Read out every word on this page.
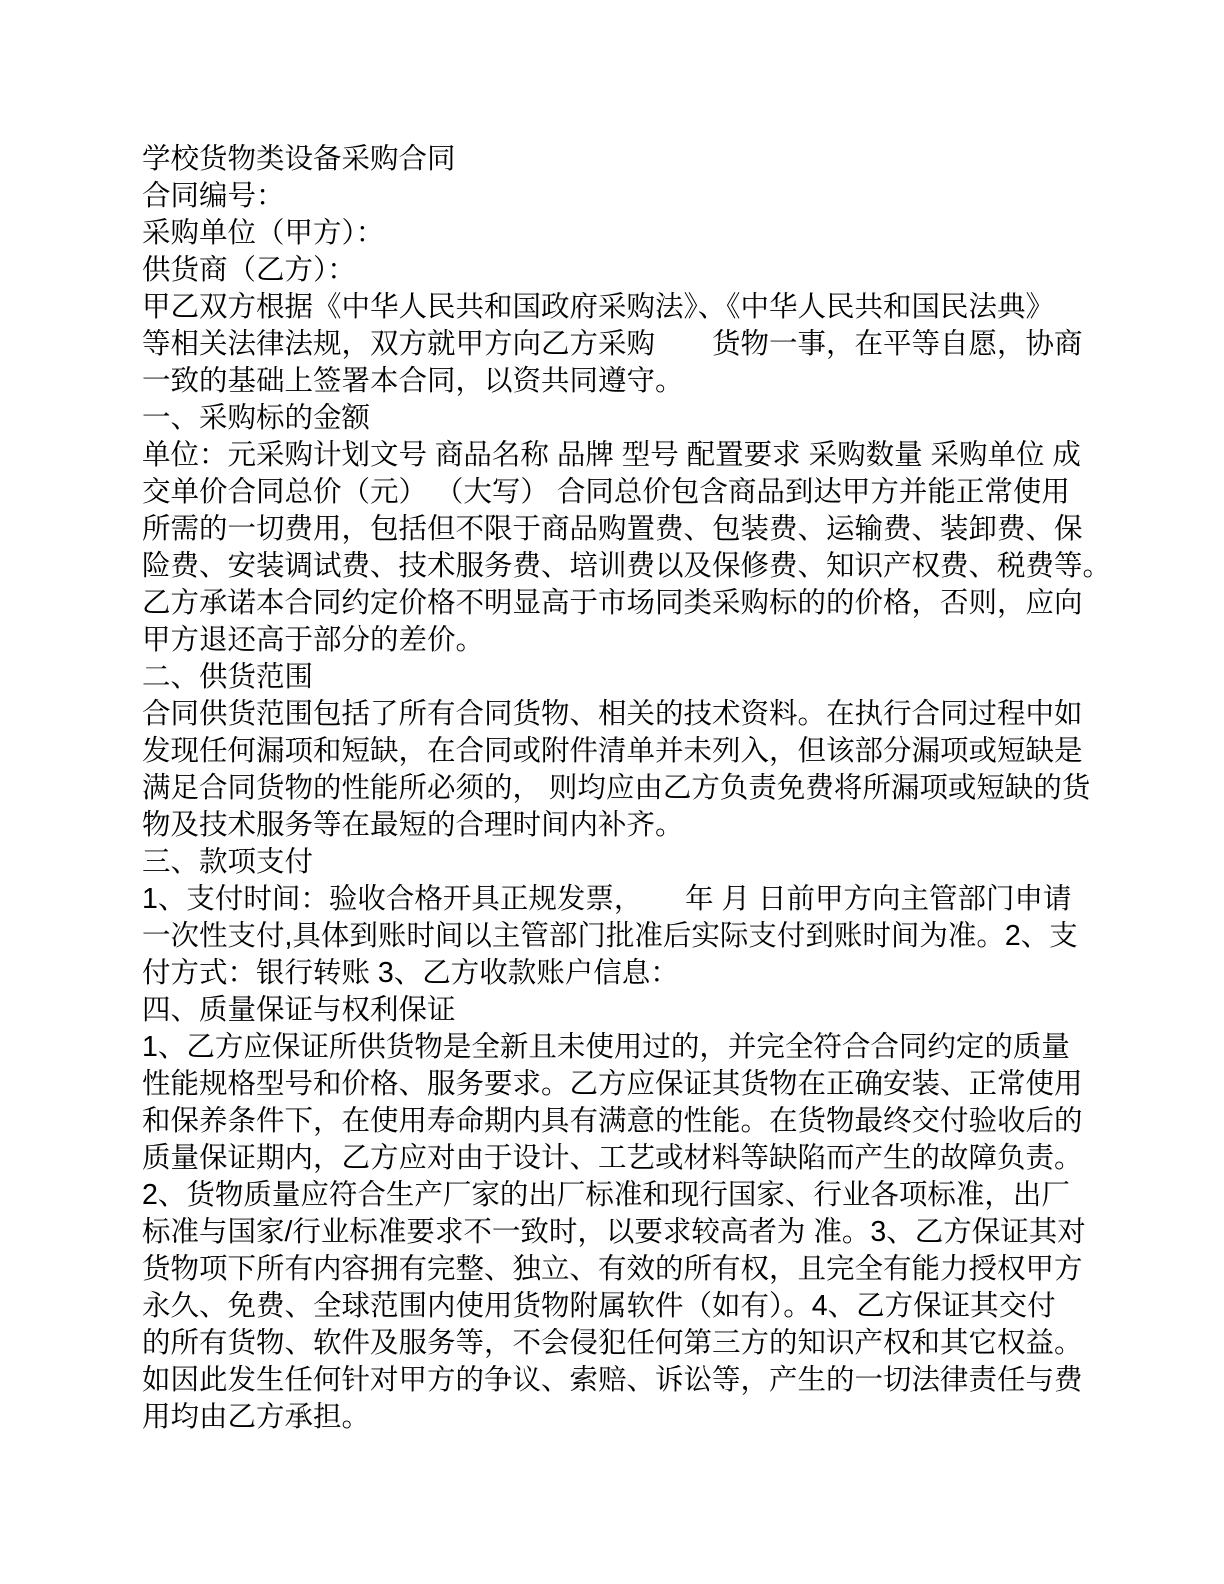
学校货物类设备采购合同
合同编号：
采购单位（甲方）：
供货商（乙方）：
甲乙双方根据《中华人民共和国政府采购法》、《中华人民共和国民法典》
等相关法律法规，双方就甲方向乙方采购　　货物一事，在平等自愿，协商
一致的基础上签署本合同，以资共同遵守。
一、采购标的金额
单位：元采购计划文号 商品名称 品牌 型号 配置要求 采购数量 采购单位 成
交单价合同总价（元） （大写） 合同总价包含商品到达甲方并能正常使用
所需的一切费用，包括但不限于商品购置费、包装费、运输费、装卸费、保
险费、安装调试费、技术服务费、培训费以及保修费、知识产权费、税费等。
乙方承诺本合同约定价格不明显高于市场同类采购标的的价格，否则，应向
甲方退还高于部分的差价。
二、供货范围
合同供货范围包括了所有合同货物、相关的技术资料。在执行合同过程中如
发现任何漏项和短缺，在合同或附件清单并未列入，但该部分漏项或短缺是
满足合同货物的性能所必须的， 则均应由乙方负责免费将所漏项或短缺的货
物及技术服务等在最短的合理时间内补齐。
三、款项支付
1、支付时间：验收合格开具正规发票，　　年 月 日前甲方向主管部门申请
一次性支付,具体到账时间以主管部门批准后实际支付到账时间为准。2、支
付方式：银行转账 3、乙方收款账户信息：
四、质量保证与权利保证
1、乙方应保证所供货物是全新且未使用过的，并完全符合合同约定的质量
性能规格型号和价格、服务要求。乙方应保证其货物在正确安装、正常使用
和保养条件下，在使用寿命期内具有满意的性能。在货物最终交付验收后的
质量保证期内，乙方应对由于设计、工艺或材料等缺陷而产生的故障负责。
2、货物质量应符合生产厂家的出厂标准和现行国家、行业各项标准，出厂
标准与国家/行业标准要求不一致时，以要求较高者为 准。3、乙方保证其对
货物项下所有内容拥有完整、独立、有效的所有权，且完全有能力授权甲方
永久、免费、全球范围内使用货物附属软件（如有）。4、乙方保证其交付
的所有货物、软件及服务等，不会侵犯任何第三方的知识产权和其它权益。
如因此发生任何针对甲方的争议、索赔、诉讼等，产生的一切法律责任与费
用均由乙方承担。
